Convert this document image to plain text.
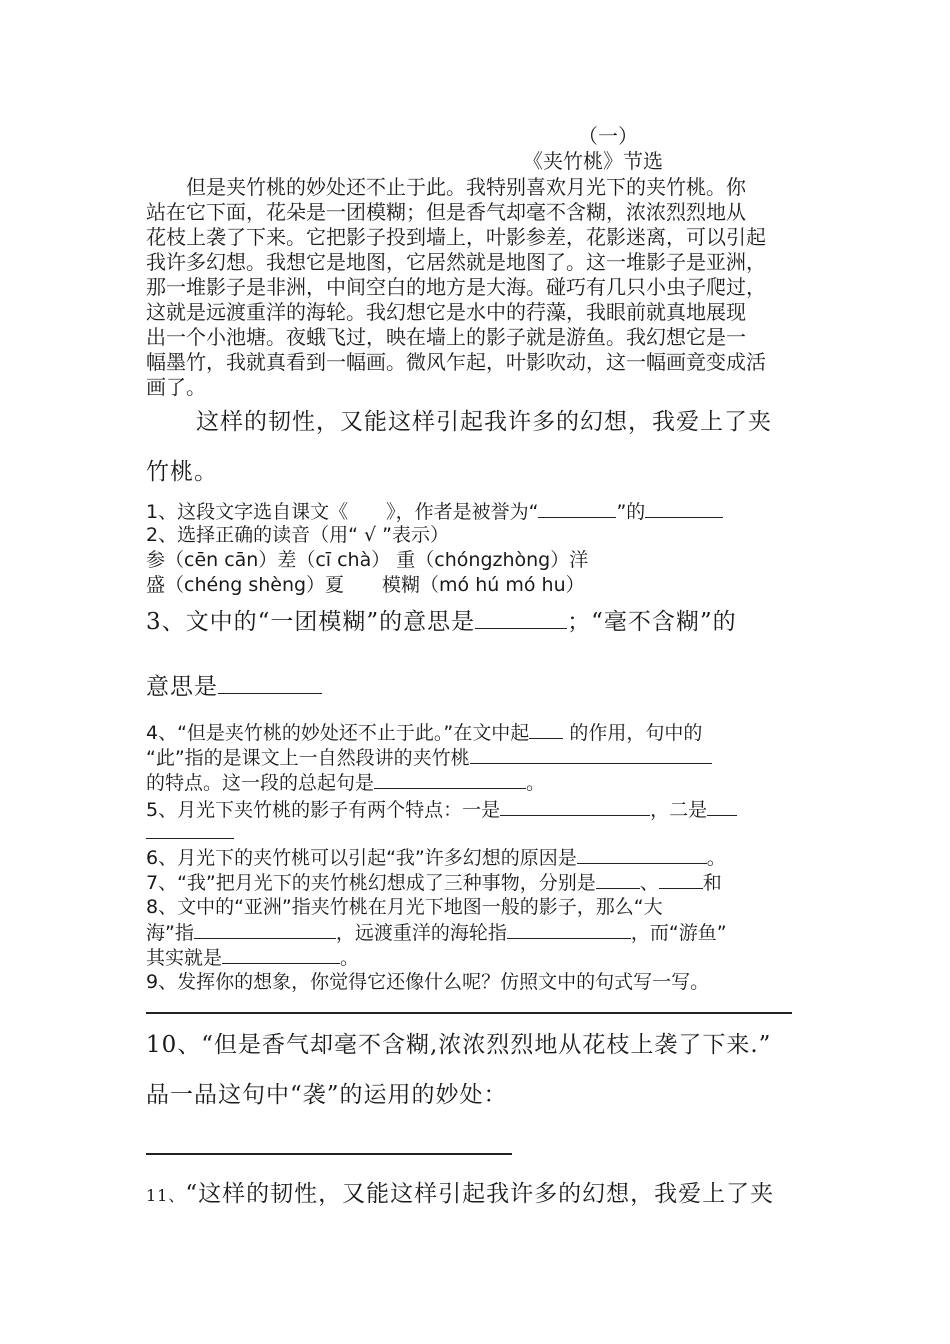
（一）
《夹竹桃》节选
　　但是夹竹桃的妙处还不止于此。我特别喜欢月光下的夹竹桃。你
站在它下面，花朵是一团模糊；但是香气却毫不含糊，浓浓烈烈地从
花枝上袭了下来。它把影子投到墙上，叶影参差，花影迷离，可以引起
我许多幻想。我想它是地图，它居然就是地图了。这一堆影子是亚洲，
那一堆影子是非洲，中间空白的地方是大海。碰巧有几只小虫子爬过，
这就是远渡重洋的海轮。我幻想它是水中的荇藻，我眼前就真地展现
出一个小池塘。夜蛾飞过，映在墙上的影子就是游鱼。我幻想它是一
幅墨竹，我就真看到一幅画。微风乍起，叶影吹动，这一幅画竟变成活
画了。
这样的韧性，又能这样引起我许多的幻想，我爱上了夹
竹桃。
1、这段文字选自课文《　　》，作者是被誉为“	”的
2、选择正确的读音（用“ √ ”表示）
参（cēn cān）差（cī chà） 重（chóngzhòng）洋
盛（chéng shèng）夏　　模糊（mó hú mó hu）
3、文中的“一团模糊”的意思是	；“毫不含糊”的
意思是
4、“但是夹竹桃的妙处还不止于此。”在文中起 的作用，句中的
“此”指的是课文上一自然段讲的夹竹桃
的特点。这一段的总起句是	。
5、月光下夹竹桃的影子有两个特点：一是	，二是
6、月光下的夹竹桃可以引起“我”许多幻想的原因是	。
7、“我”把月光下的夹竹桃幻想成了三种事物，分别是 、 和
8、文中的“亚洲”指夹竹桃在月光下地图一般的影子，那么“大
海”指	，远渡重洋的海轮指	，而“游鱼”
其实就是	。
9、发挥你的想象，你觉得它还像什么呢？仿照文中的句式写一写。
10、“但是香气却毫不含糊,浓浓烈烈地从花枝上袭了下来.”
品一品这句中“袭”的运用的妙处：
11、“这样的韧性，又能这样引起我许多的幻想，我爱上了夹
